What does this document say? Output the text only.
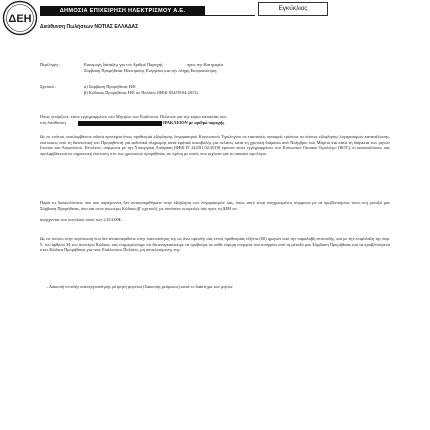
ΔΕΗ
ΔΗΜΟΣΙΑ ΕΠΙΧΕΙΡΗΣΗ ΗΛΕΚΤΡΙΣΜΟΥ Α.Ε.	Εγκύκλιος
Διεύθυνση Πωλήσεων ΝΟΤΙΑΣ ΕΛΛΑΔΑΣ
Περίληψη :	Εισαγωγή διάταξης για τον Αριθμό Παροχής                      προς την Κατηγορία
Σύμβαση Προμήθειας Ηλεκτρικής Ενέργειας και την πλήρη Εκπροσώπηση.
Σχετικά :	α) Σύμβαση Προμήθειας Η/Ε
β) Κώδικας Προμήθειας Η/Ε σε Πελάτες (ΦΕΚ 832/09.04.2013).
Όπως γνωρίζετε, είστε εγγεγραμμένος στο Μητρώο των Ευάλωτων Πελατών για την κύρια κατοικίας σας
στη διεύθυνση	ΙΡΑΚΛΕΙΟΝ με αριθμό παροχής
Ως εκ τούτου, απολαμβάνετε ειδικά προνόμια όπως προθεσμία εξόφλησης λογαριασμού Κοινωνικού Τιμολογίου σε τακτικούς συναφείς τρόπους σε κόστος εξόφλησης λογαριασμών κατανάλωσης, εκπτώσεις από τη δανειστική του Προμηθευτή για εκδοτικά πληρωμής κατά εφάπαξ καταβολής για πελάτες κατά τη χρονική διάρκεια από Νοέμβριο έως Μάρτιο και κατά τη διάρκεια των μηνών Ιουνίου και Αυγούστου. Επιπλέον, σύμφωνα με την Υπουργική Απόφαση (ΦΕΚ Β' 242/01.02.2018) εφόσον είστε εγγεγραμμένος στο Κοινωνικό Οικιακό Τιμολόγιο (ΚΟΤ), οι καταναλώσεις σας προλαμβάνεται σε σημαντική έκπτωση στο των χρεώσεων προμήθειας, σε σχέση με αυτές που ισχύουν για το οικιακό τιμολόγιο.
Παρά τις διευκολύνσεις που σας παρέχονται, δεν ανταποκριθήκατε στην εξόφληση των λογαριασμών σας, όπως αυτό είναι υποχρεωμένος σύμφωνα με τα προβλεπόμενα τόσο στη μεταξύ μας Σύμβαση Προμήθειας, όσο και στον ανωτέρω Κώδικα (β' σχετικό), με συνέπεια οι οφειλές σας προς τη ΔΕΗ να
ανέρχονται στο συνολικό ποσό των 2.613,00€.
Ως εκ τούτου στην περίπτωση που δεν ανταποκριθείτε στην τακτοποίηση της ως άνω οφειλής σας εντός προθεσμίας εξήντα (60) ημερών από την παραλαβή επιστολής, και με την επιφύλαξη της παρ. 5, του άρθρου 34 του ανωτέρω Κώδικα, σας ενημερώνουμε ότι θα αναγκαστούμε να προβούμε σε κάθε νόμιμη ενέργεια που απορρέει από τη μεταξύ μας Σύμβαση Προμήθειας και τα προβλεπόμενα στον Κώδικα Προμήθειας για τους Ευάλωτους Πελάτες, μη αποκλειόμενης της:
– Διακοπή εντολής απενεργοποίησης μετρητή φορτίου (διακοπής ρεύματος) κατά το διάστημα των μηνών
